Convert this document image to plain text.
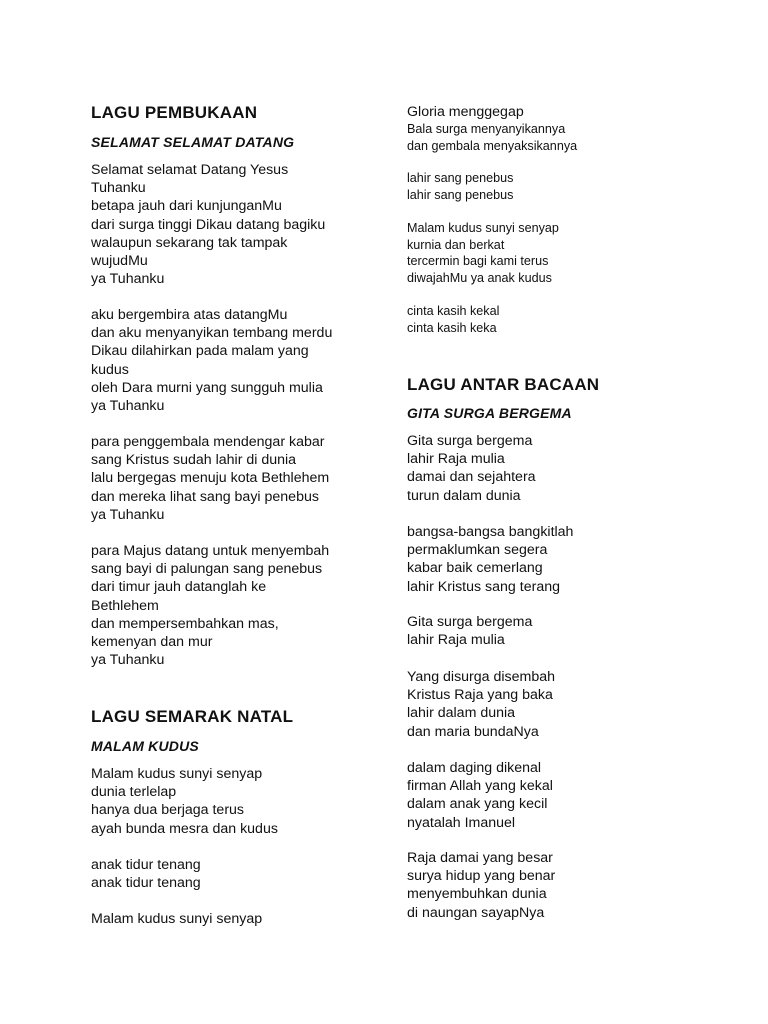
LAGU PEMBUKAAN
SELAMAT SELAMAT DATANG
Selamat selamat Datang Yesus
Tuhanku
betapa jauh dari kunjunganMu
dari surga tinggi Dikau datang bagiku
walaupun sekarang tak tampak
wujudMu
ya Tuhanku
aku bergembira atas datangMu
dan aku menyanyikan tembang merdu
Dikau dilahirkan pada malam yang
kudus
oleh Dara murni yang sungguh mulia
ya Tuhanku
para penggembala mendengar kabar
sang Kristus sudah lahir di dunia
lalu bergegas menuju kota Bethlehem
dan mereka lihat sang bayi penebus
ya Tuhanku
para Majus datang untuk menyembah
sang bayi di palungan sang penebus
dari timur jauh datanglah ke
Bethlehem
dan mempersembahkan mas,
kemenyan dan mur
ya Tuhanku
LAGU SEMARAK NATAL
MALAM KUDUS
Malam kudus sunyi senyap
dunia terlelap
hanya dua berjaga terus
ayah bunda mesra dan kudus
anak tidur tenang
anak tidur tenang
Malam kudus sunyi senyap
Gloria menggegap
Bala surga menyanyikannya
dan gembala menyaksikannya
lahir sang penebus
lahir sang penebus
Malam kudus sunyi senyap
kurnia dan berkat
tercermin bagi kami terus
diwajahMu ya anak kudus
cinta kasih kekal
cinta kasih keka
LAGU ANTAR BACAAN
GITA SURGA BERGEMA
Gita surga bergema
lahir Raja mulia
damai dan sejahtera
turun dalam dunia
bangsa-bangsa bangkitlah
permaklumkan segera
kabar baik cemerlang
lahir Kristus sang terang
Gita surga bergema
lahir Raja mulia
Yang disurga disembah
Kristus Raja yang baka
lahir dalam dunia
dan maria bundaNya
dalam daging dikenal
firman Allah yang kekal
dalam anak yang kecil
nyatalah Imanuel
Raja damai yang besar
surya hidup yang benar
menyembuhkan dunia
di naungan sayapNya
